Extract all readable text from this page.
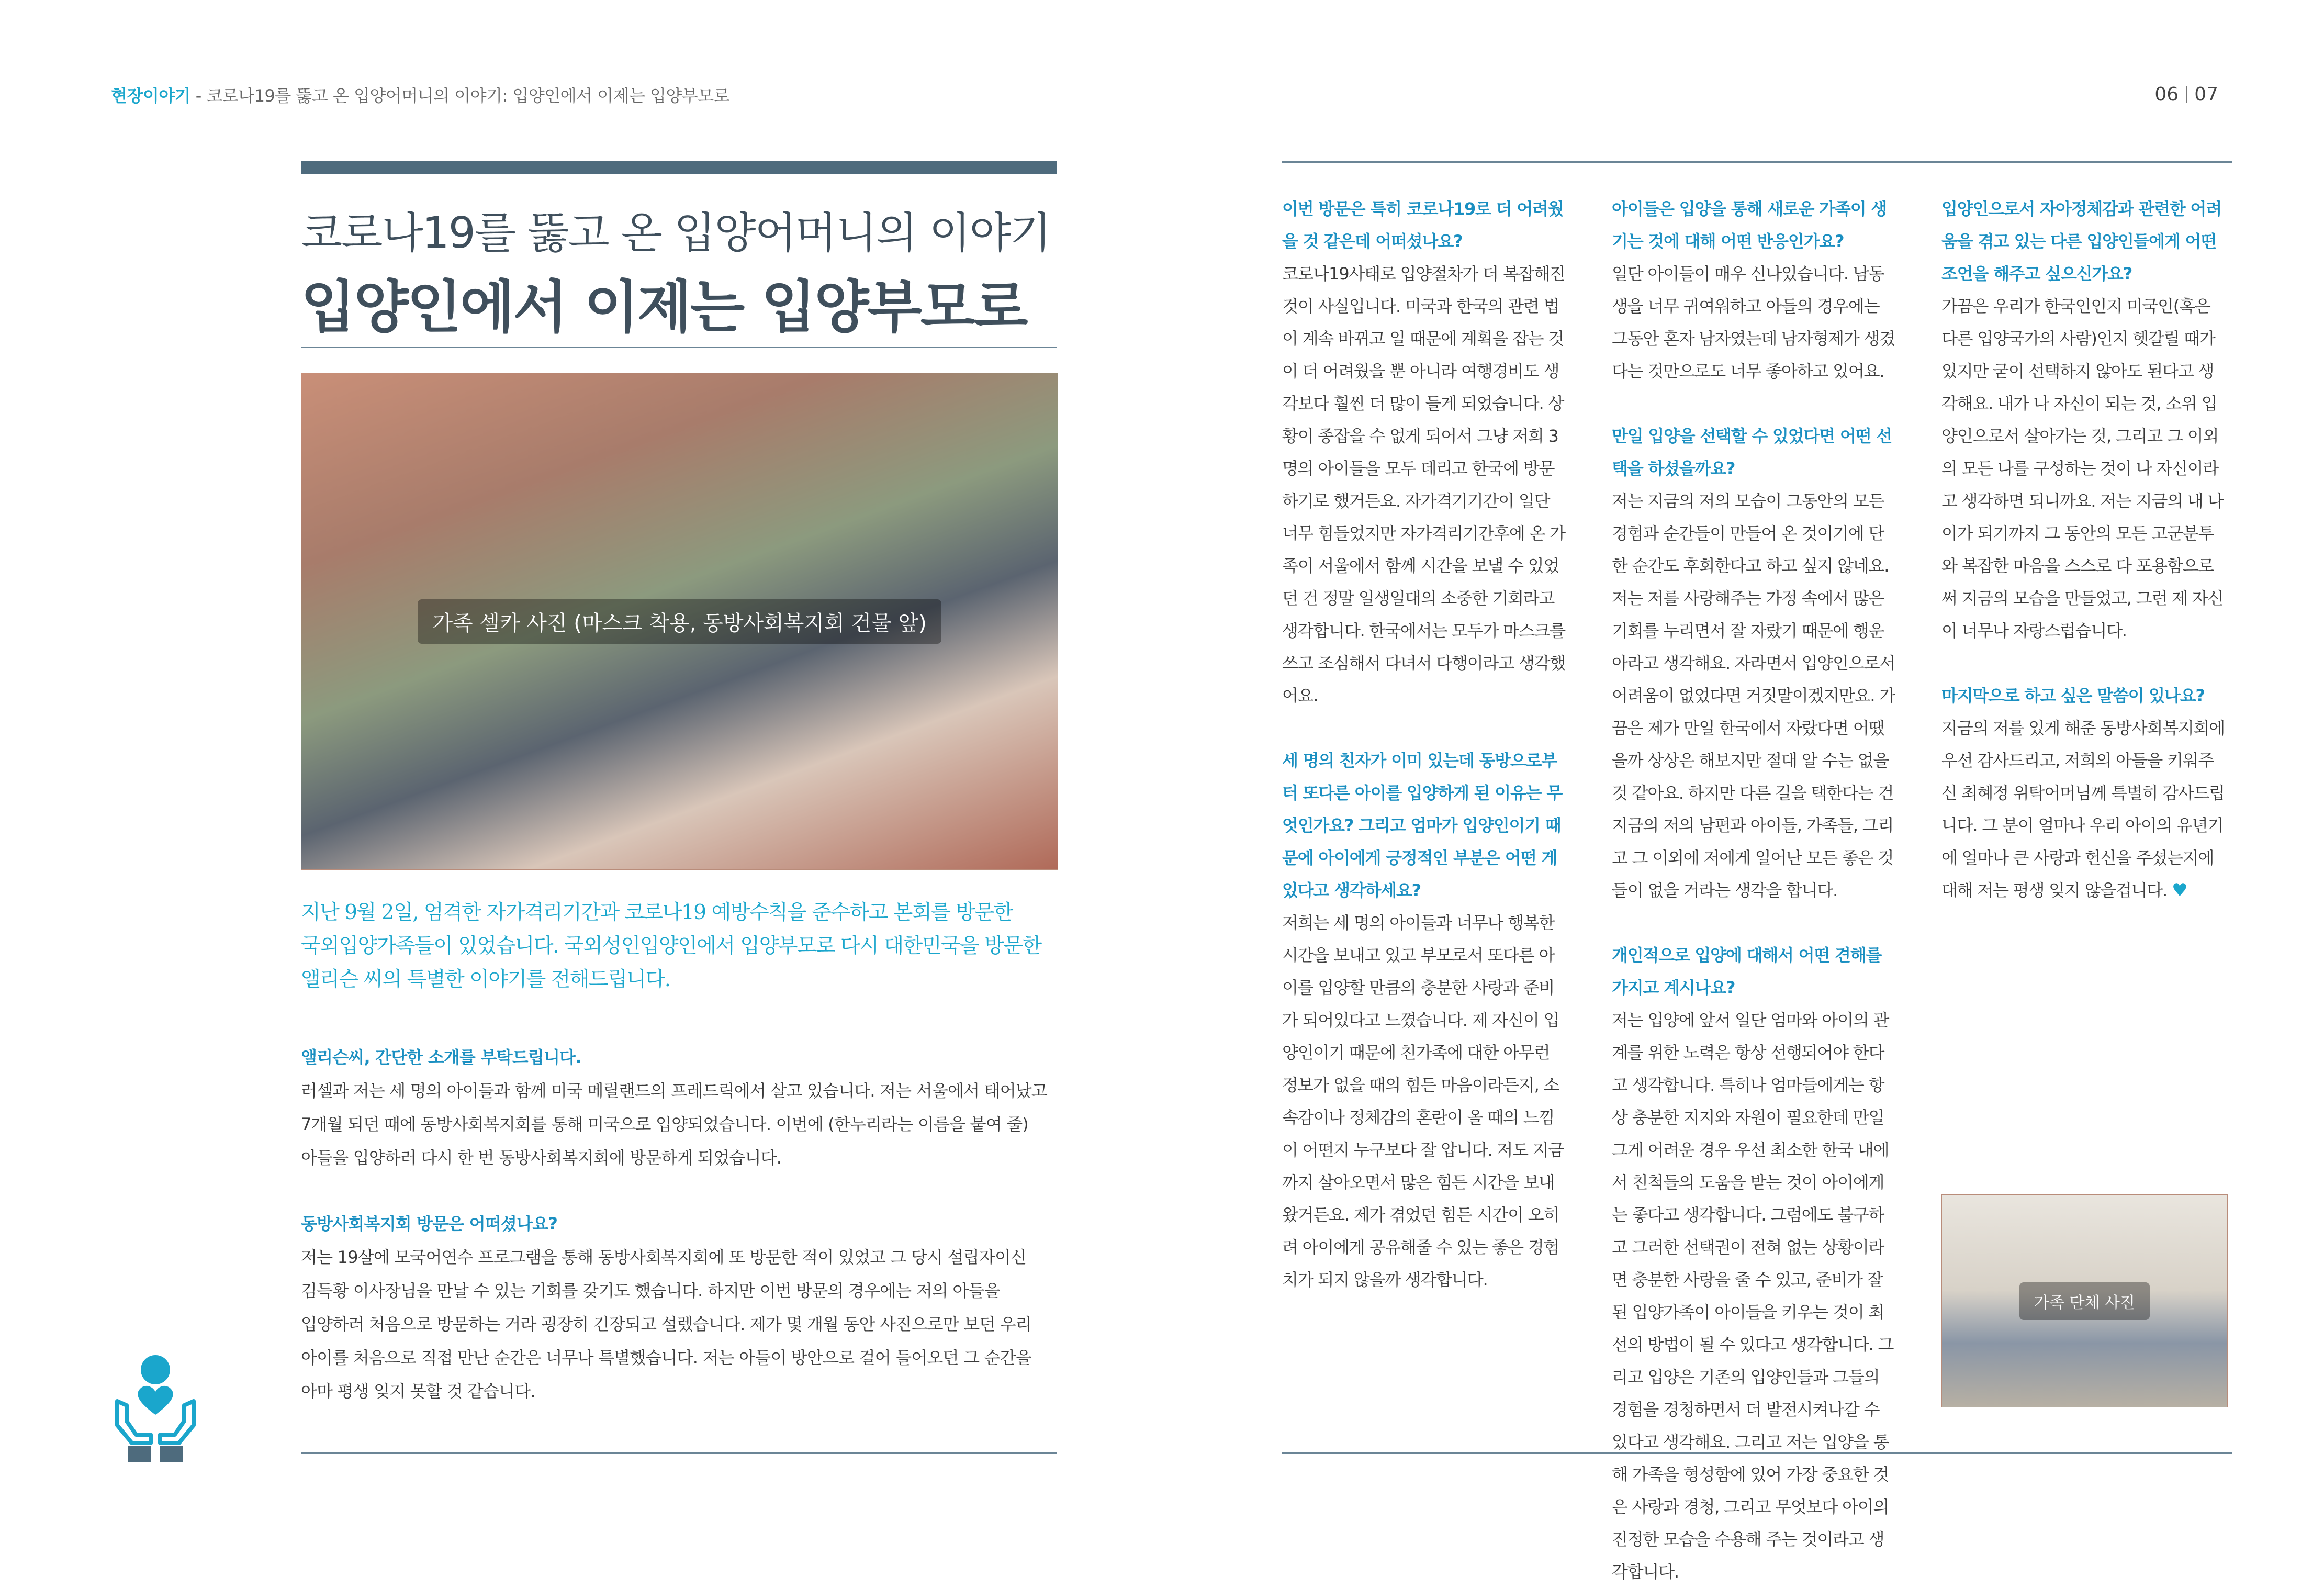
현장이야기 - 코로나19를 뚫고 온 입양어머니의 이야기: 입양인에서 이제는 입양부모로	06 07
코로나19를 뚫고 온 입양어머니의 이야기
입양인에서 이제는 입양부모로
가족 셀카 사진 (마스크 착용, 동방사회복지회 건물 앞)
지난 9월 2일, 엄격한 자가격리기간과 코로나19 예방수칙을 준수하고 본회를 방문한 국외입양가족들이 있었습니다. 국외성인입양인에서 입양부모로 다시 대한민국을 방문한 앨리슨 씨의 특별한 이야기를 전해드립니다.

앨리슨씨, 간단한 소개를 부탁드립니다.

러셀과 저는 세 명의 아이들과 함께 미국 메릴랜드의 프레드릭에서 살고 있습니다. 저는 서울에서 태어났고 7개월 되던 때에 동방사회복지회를 통해 미국으로 입양되었습니다. 이번에 (한누리라는 이름을 붙여 줄) 아들을 입양하러 다시 한 번 동방사회복지회에 방문하게 되었습니다.

동방사회복지회 방문은 어떠셨나요?

저는 19살에 모국어연수 프로그램을 통해 동방사회복지회에 또 방문한 적이 있었고 그 당시 설립자이신 김득황 이사장님을 만날 수 있는 기회를 갖기도 했습니다. 하지만 이번 방문의 경우에는 저의 아들을 입양하러 처음으로 방문하는 거라 굉장히 긴장되고 설렜습니다. 제가 몇 개월 동안 사진으로만 보던 우리 아이를 처음으로 직접 만난 순간은 너무나 특별했습니다. 저는 아들이 방안으로 걸어 들어오던 그 순간을 아마 평생 잊지 못할 것 같습니다.

이번 방문은 특히 코로나19로 더 어려웠을 것 같은데 어떠셨나요?

코로나19사태로 입양절차가 더 복잡해진 것이 사실입니다. 미국과 한국의 관련 법이 계속 바뀌고 일 때문에 계획을 잡는 것이 더 어려웠을 뿐 아니라 여행경비도 생각보다 훨씬 더 많이 들게 되었습니다. 상황이 종잡을 수 없게 되어서 그냥 저희 3명의 아이들을 모두 데리고 한국에 방문하기로 했거든요. 자가격기기간이 일단 너무 힘들었지만 자가격리기간후에 온 가족이 서울에서 함께 시간을 보낼 수 있었던 건 정말 일생일대의 소중한 기회라고 생각합니다. 한국에서는 모두가 마스크를 쓰고 조심해서 다녀서 다행이라고 생각했어요.

세 명의 친자가 이미 있는데 동방으로부터 또다른 아이를 입양하게 된 이유는 무엇인가요? 그리고 엄마가 입양인이기 때문에 아이에게 긍정적인 부분은 어떤 게 있다고 생각하세요?

저희는 세 명의 아이들과 너무나 행복한 시간을 보내고 있고 부모로서 또다른 아이를 입양할 만큼의 충분한 사랑과 준비가 되어있다고 느꼈습니다. 제 자신이 입양인이기 때문에 친가족에 대한 아무런 정보가 없을 때의 힘든 마음이라든지, 소속감이나 정체감의 혼란이 올 때의 느낌이 어떤지 누구보다 잘 압니다. 저도 지금까지 살아오면서 많은 힘든 시간을 보내 왔거든요. 제가 겪었던 힘든 시간이 오히려 아이에게 공유해줄 수 있는 좋은 경험치가 되지 않을까 생각합니다.

아이들은 입양을 통해 새로운 가족이 생기는 것에 대해 어떤 반응인가요?

일단 아이들이 매우 신나있습니다. 남동생을 너무 귀여워하고 아들의 경우에는 그동안 혼자 남자였는데 남자형제가 생겼다는 것만으로도 너무 좋아하고 있어요.

만일 입양을 선택할 수 있었다면 어떤 선택을 하셨을까요?

저는 지금의 저의 모습이 그동안의 모든 경험과 순간들이 만들어 온 것이기에 단 한 순간도 후회한다고 하고 싶지 않네요. 저는 저를 사랑해주는 가정 속에서 많은 기회를 누리면서 잘 자랐기 때문에 행운아라고 생각해요. 자라면서 입양인으로서 어려움이 없었다면 거짓말이겠지만요. 가끔은 제가 만일 한국에서 자랐다면 어땠을까 상상은 해보지만 절대 알 수는 없을 것 같아요. 하지만 다른 길을 택한다는 건 지금의 저의 남편과 아이들, 가족들, 그리고 그 이외에 저에게 일어난 모든 좋은 것들이 없을 거라는 생각을 합니다.

개인적으로 입양에 대해서 어떤 견해를 가지고 계시나요?

저는 입양에 앞서 일단 엄마와 아이의 관계를 위한 노력은 항상 선행되어야 한다고 생각합니다. 특히나 엄마들에게는 항상 충분한 지지와 자원이 필요한데 만일 그게 어려운 경우 우선 최소한 한국 내에서 친척들의 도움을 받는 것이 아이에게는 좋다고 생각합니다. 그럼에도 불구하고 그러한 선택권이 전혀 없는 상황이라면 충분한 사랑을 줄 수 있고, 준비가 잘된 입양가족이 아이들을 키우는 것이 최선의 방법이 될 수 있다고 생각합니다. 그리고 입양은 기존의 입양인들과 그들의 경험을 경청하면서 더 발전시켜나갈 수 있다고 생각해요. 그리고 저는 입양을 통해 가족을 형성함에 있어 가장 중요한 것은 사랑과 경청, 그리고 무엇보다 아이의 진정한 모습을 수용해 주는 것이라고 생각합니다.

입양인으로서 자아정체감과 관련한 어려움을 겪고 있는 다른 입양인들에게 어떤 조언을 해주고 싶으신가요?

가끔은 우리가 한국인인지 미국인(혹은 다른 입양국가의 사람)인지 헷갈릴 때가 있지만 굳이 선택하지 않아도 된다고 생각해요. 내가 나 자신이 되는 것, 소위 입양인으로서 살아가는 것, 그리고 그 이외의 모든 나를 구성하는 것이 나 자신이라고 생각하면 되니까요. 저는 지금의 내 나이가 되기까지 그 동안의 모든 고군분투와 복잡한 마음을 스스로 다 포용함으로써 지금의 모습을 만들었고, 그런 제 자신이 너무나 자랑스럽습니다.

마지막으로 하고 싶은 말씀이 있나요?

지금의 저를 있게 해준 동방사회복지회에 우선 감사드리고, 저희의 아들을 키워주신 최혜정 위탁어머님께 특별히 감사드립니다. 그 분이 얼마나 우리 아이의 유년기에 얼마나 큰 사랑과 헌신을 주셨는지에 대해 저는 평생 잊지 않을겁니다. ♥

가족 단체 사진
